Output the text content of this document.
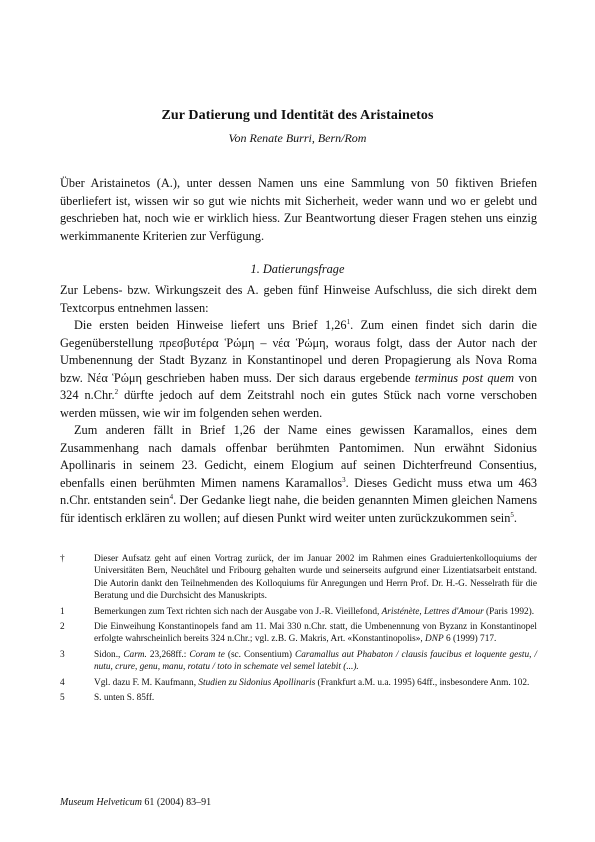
Zur Datierung und Identität des Aristainetos
Von Renate Burri, Bern/Rom

Über Aristainetos (A.), unter dessen Namen uns eine Sammlung von 50 fiktiven Briefen überliefert ist, wissen wir so gut wie nichts mit Sicherheit, weder wann und wo er gelebt und geschrieben hat, noch wie er wirklich hiess. Zur Beantwortung dieser Fragen stehen uns einzig werkimmanente Kriterien zur Verfügung.

1. Datierungsfrage

Zur Lebens- bzw. Wirkungszeit des A. geben fünf Hinweise Aufschluss, die sich direkt dem Textcorpus entnehmen lassen:

Die ersten beiden Hinweise liefert uns Brief 1,26$^1$. Zum einen findet sich darin die Gegenüberstellung πρεσβυτέρα Ῥώμη – νέα Ῥώμη, woraus folgt, dass der Autor nach der Umbenennung der Stadt Byzanz in Konstantinopel und deren Propagierung als Nova Roma bzw. Νέα Ῥώμη geschrieben haben muss. Der sich daraus ergebende terminus post quem von 324 n.Chr.$^2$ dürfte jedoch auf dem Zeitstrahl noch ein gutes Stück nach vorne verschoben werden müssen, wie wir im folgenden sehen werden.

Zum anderen fällt in Brief 1,26 der Name eines gewissen Karamallos, eines dem Zusammenhang nach damals offenbar berühmten Pantomimen. Nun erwähnt Sidonius Apollinaris in seinem 23. Gedicht, einem Elogium auf seinen Dichterfreund Consentius, ebenfalls einen berühmten Mimen namens Karamallos$^3$. Dieses Gedicht muss etwa um 463 n.Chr. entstanden sein$^4$. Der Gedanke liegt nahe, die beiden genannten Mimen gleichen Namens für identisch erklären zu wollen; auf diesen Punkt wird weiter unten zurückzukommen sein$^5$.

†	Dieser Aufsatz geht auf einen Vortrag zurück, der im Januar 2002 im Rahmen eines Graduiertenkolloquiums der Universitäten Bern, Neuchâtel und Fribourg gehalten wurde und seinerseits aufgrund einer Lizentiatsarbeit entstand. Die Autorin dankt den Teilnehmenden des Kolloquiums für Anregungen und Herrn Prof. Dr. H.-G. Nesselrath für die Beratung und die Durchsicht des Manuskripts.
1	Bemerkungen zum Text richten sich nach der Ausgabe von J.-R. Vieillefond, Aristénète, Lettres d'Amour (Paris 1992).
2	Die Einweihung Konstantinopels fand am 11. Mai 330 n.Chr. statt, die Umbenennung von Byzanz in Konstantinopel erfolgte wahrscheinlich bereits 324 n.Chr.; vgl. z.B. G. Makris, Art. «Konstantinopolis», DNP 6 (1999) 717.
3	Sidon., Carm. 23,268ff.: Coram te (sc. Consentium) Caramallus aut Phabaton / clausis faucibus et loquente gestu, / nutu, crure, genu, manu, rotatu / toto in schemate vel semel latebit (...).
4	Vgl. dazu F. M. Kaufmann, Studien zu Sidonius Apollinaris (Frankfurt a.M. u.a. 1995) 64ff., insbesondere Anm. 102.
5	S. unten S. 85ff.
Museum Helveticum 61 (2004) 83–91
